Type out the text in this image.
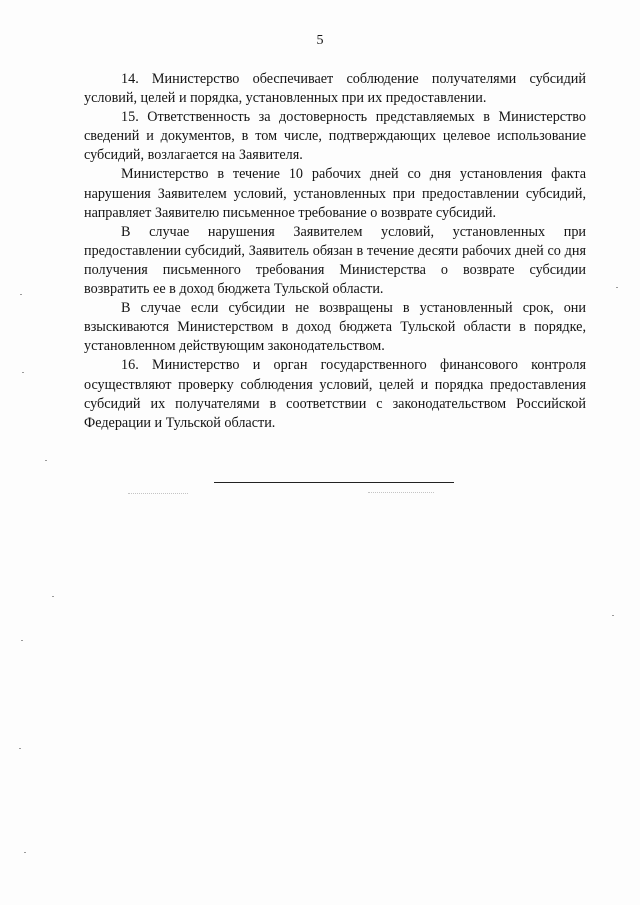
5

14. Министерство обеспечивает соблюдение получателями субсидий условий, целей и порядка, установленных при их предоставлении.

15. Ответственность за достоверность представляемых в Министерство сведений и документов, в том числе, подтверждающих целевое использование субсидий, возлагается на Заявителя.

Министерство в течение 10 рабочих дней со дня установления факта нарушения Заявителем условий, установленных при предоставлении субсидий, направляет Заявителю письменное требование о возврате субсидий.

В случае нарушения Заявителем условий, установленных при предоставлении субсидий, Заявитель обязан в течение десяти рабочих дней со дня получения письменного требования Министерства о возврате субсидии возвратить ее в доход бюджета Тульской области.

В случае если субсидии не возвращены в установленный срок, они взыскиваются Министерством в доход бюджета Тульской области в порядке, установленном действующим законодательством.

16. Министерство и орган государственного финансового контроля осуществляют проверку соблюдения условий, целей и порядка предоставления субсидий их получателями в соответствии с законодательством Российской Федерации и Тульской области.
